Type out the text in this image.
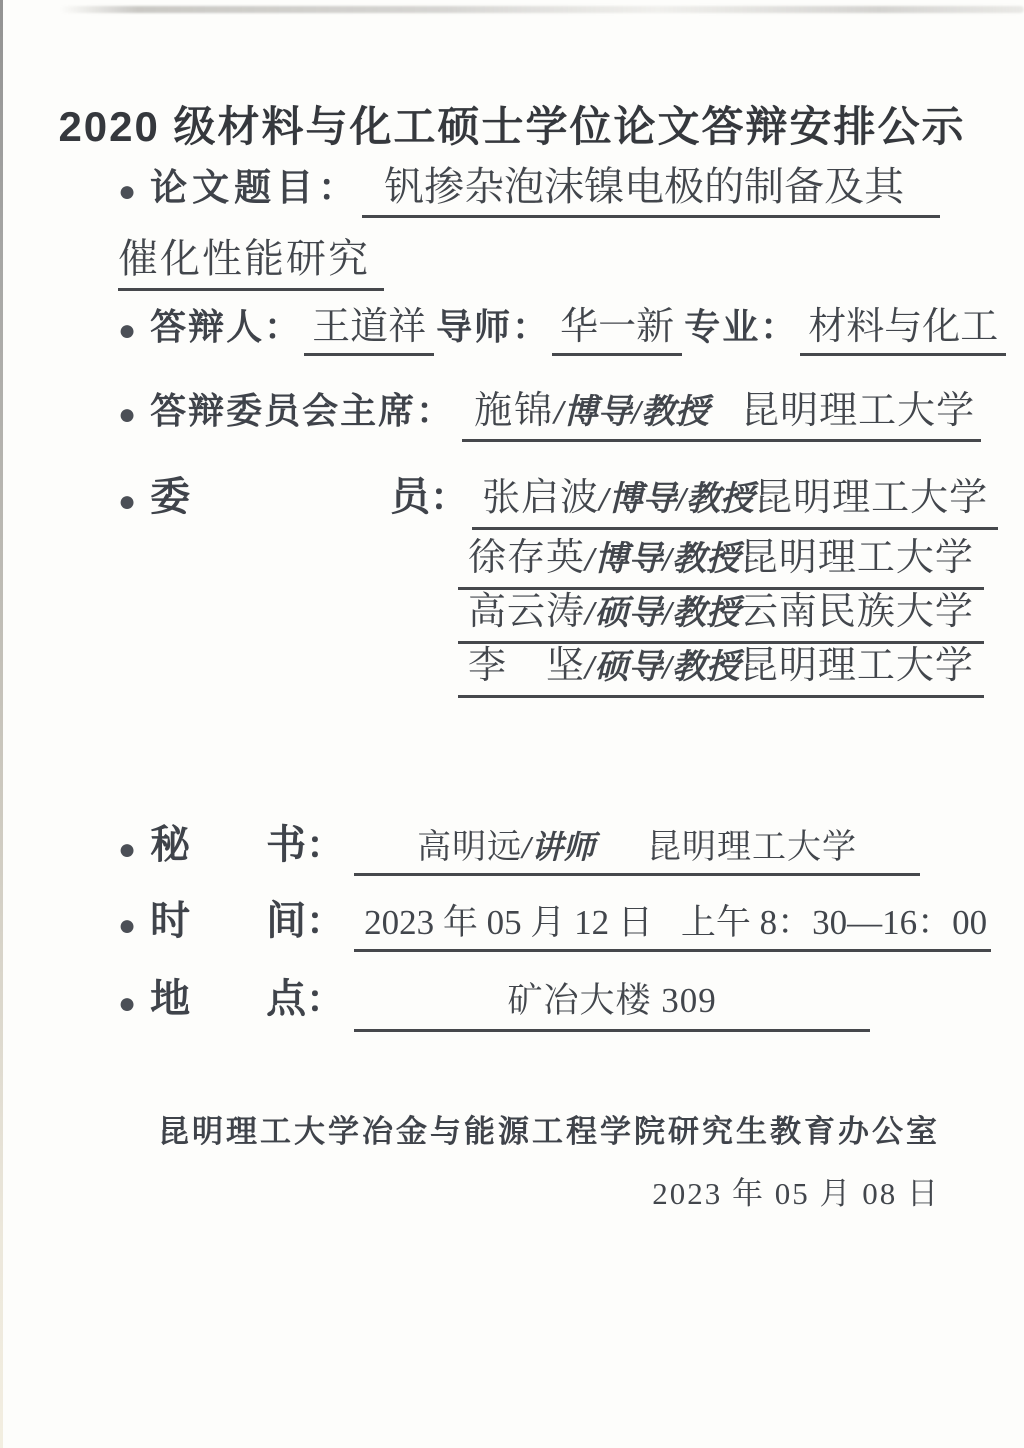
2020 级材料与化工硕士学位论文答辩安排公示
● 论文题目： 钒掺杂泡沫镍电极的制备及其
催化性能研究
● 答辩人： 王道祥 导师： 华一新 专业： 材料与化工
● 答辩委员会主席： 施锦 /博导/教授 昆明理工大学
● 委	员 ： 张启波 /博导/教授 昆明理工大学
徐存英 /博导/教授 昆明理工大学
高云涛 /硕导/教授 云南民族大学
李　坚 /硕导/教授 昆明理工大学
● 秘 书 ： 高明远 /讲师 昆明理工大学
● 时 间 ： 2023 年 05 月 12 日 上午 8：30—16：00
● 地 点 ：	矿冶大楼 309
昆明理工大学冶金与能源工程学院研究生教育办公室
2023 年 05 月 08 日
